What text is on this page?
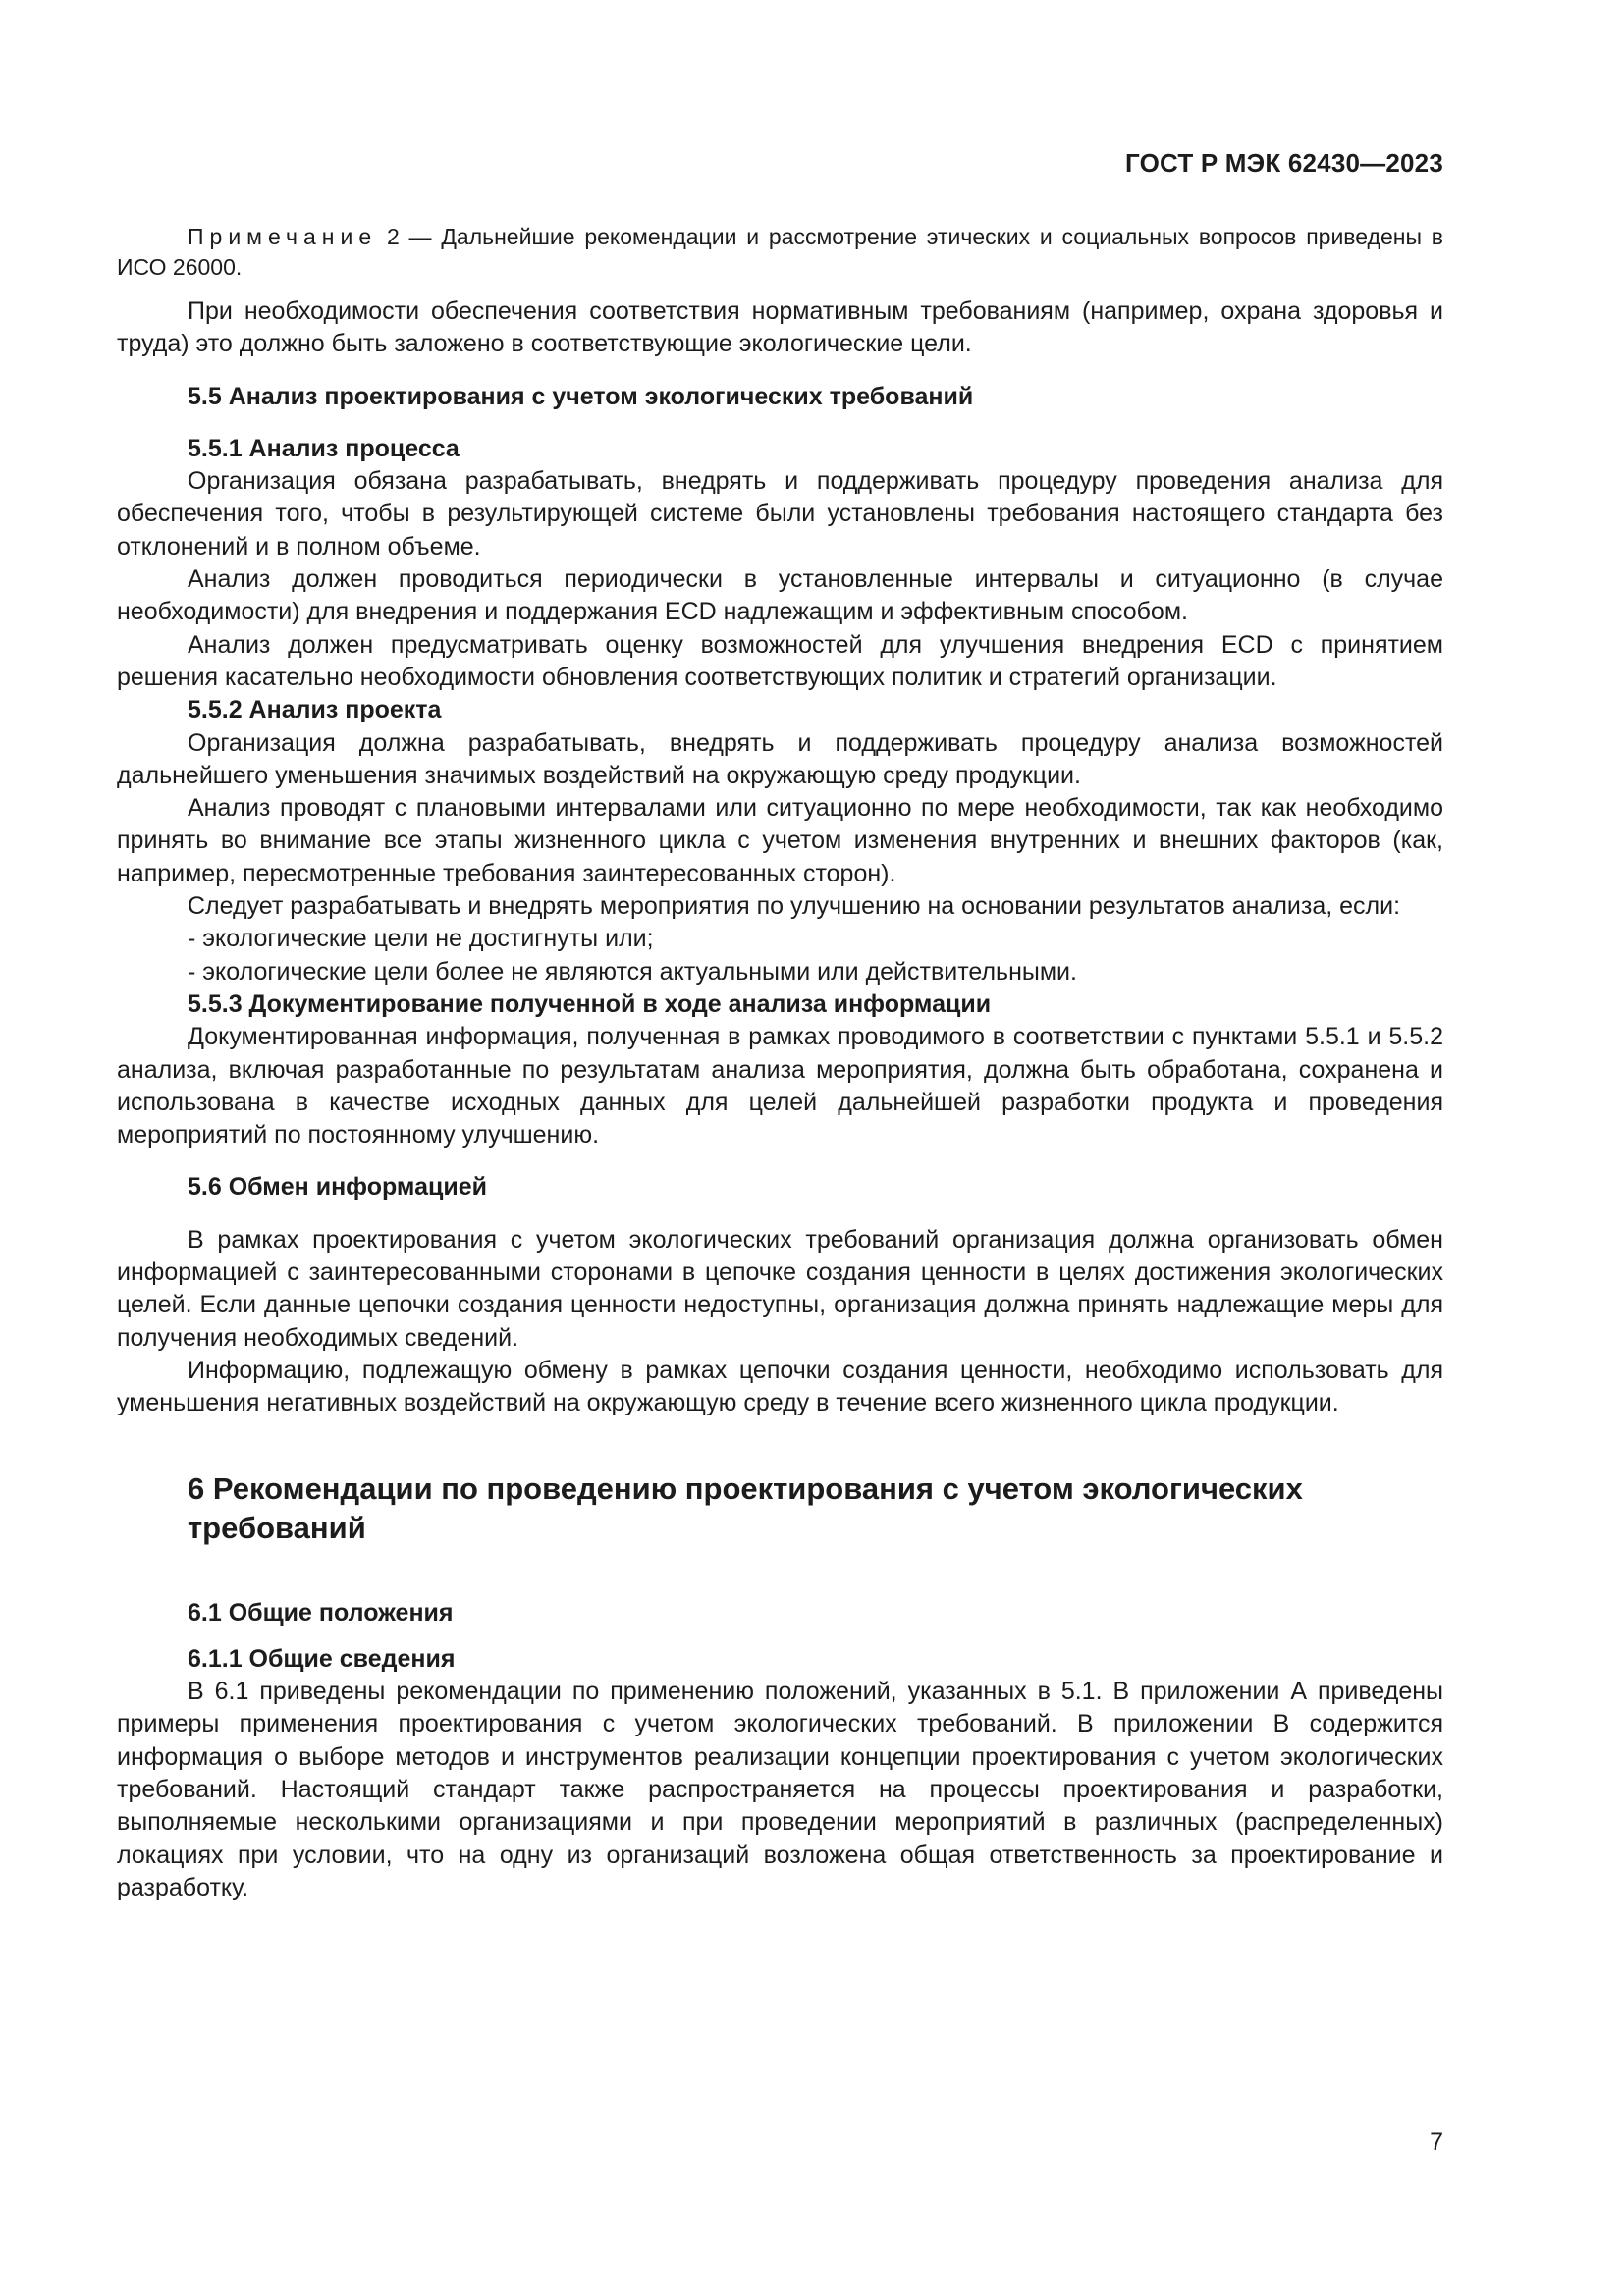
ГОСТ Р МЭК 62430—2023

Примечание 2 — Дальнейшие рекомендации и рассмотрение этических и социальных вопросов приведены в ИСО 26000.

При необходимости обеспечения соответствия нормативным требованиям (например, охрана здоровья и труда) это должно быть заложено в соответствующие экологические цели.

5.5 Анализ проектирования с учетом экологических требований
5.5.1 Анализ процесса

Организация обязана разрабатывать, внедрять и поддерживать процедуру проведения анализа для обеспечения того, чтобы в результирующей системе были установлены требования настоящего стандарта без отклонений и в полном объеме.

Анализ должен проводиться периодически в установленные интервалы и ситуационно (в случае необходимости) для внедрения и поддержания ECD надлежащим и эффективным способом.

Анализ должен предусматривать оценку возможностей для улучшения внедрения ECD с принятием решения касательно необходимости обновления соответствующих политик и стратегий организации.

5.5.2 Анализ проекта

Организация должна разрабатывать, внедрять и поддерживать процедуру анализа возможностей дальнейшего уменьшения значимых воздействий на окружающую среду продукции.

Анализ проводят с плановыми интервалами или ситуационно по мере необходимости, так как необходимо принять во внимание все этапы жизненного цикла с учетом изменения внутренних и внешних факторов (как, например, пересмотренные требования заинтересованных сторон).

Следует разрабатывать и внедрять мероприятия по улучшению на основании результатов анализа, если:

- экологические цели не достигнуты или;
- экологические цели более не являются актуальными или действительными.
5.5.3 Документирование полученной в ходе анализа информации

Документированная информация, полученная в рамках проводимого в соответствии с пунктами 5.5.1 и 5.5.2 анализа, включая разработанные по результатам анализа мероприятия, должна быть обработана, сохранена и использована в качестве исходных данных для целей дальнейшей разработки продукта и проведения мероприятий по постоянному улучшению.

5.6 Обмен информацией

В рамках проектирования с учетом экологических требований организация должна организовать обмен информацией с заинтересованными сторонами в цепочке создания ценности в целях достижения экологических целей. Если данные цепочки создания ценности недоступны, организация должна принять надлежащие меры для получения необходимых сведений.

Информацию, подлежащую обмену в рамках цепочки создания ценности, необходимо использовать для уменьшения негативных воздействий на окружающую среду в течение всего жизненного цикла продукции.

6 Рекомендации по проведению проектирования с учетом экологических требований
6.1 Общие положения
6.1.1 Общие сведения

В 6.1 приведены рекомендации по применению положений, указанных в 5.1. В приложении А приведены примеры применения проектирования с учетом экологических требований. В приложении В содержится информация о выборе методов и инструментов реализации концепции проектирования с учетом экологических требований. Настоящий стандарт также распространяется на процессы проектирования и разработки, выполняемые несколькими организациями и при проведении мероприятий в различных (распределенных) локациях при условии, что на одну из организаций возложена общая ответственность за проектирование и разработку.

7
